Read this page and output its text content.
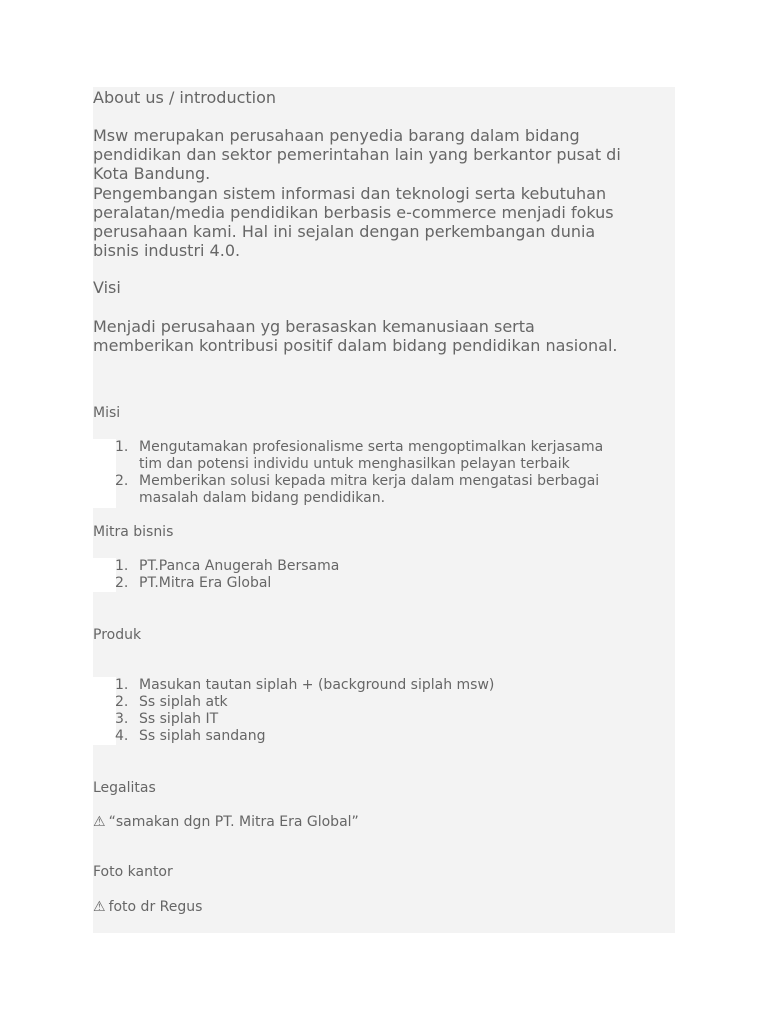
About us / introduction

Msw merupakan perusahaan penyedia barang dalam bidang
pendidikan dan sektor pemerintahan lain yang berkantor pusat di
Kota Bandung.
Pengembangan sistem informasi dan teknologi serta kebutuhan
peralatan/media pendidikan berbasis e-commerce menjadi fokus
perusahaan kami. Hal ini sejalan dengan perkembangan dunia
bisnis industri 4.0.

Visi

Menjadi perusahaan yg berasaskan kemanusiaan serta
memberikan kontribusi positif dalam bidang pendidikan nasional.

Misi

1. Mengutamakan profesionalisme serta mengoptimalkan kerjasama
tim dan potensi individu untuk menghasilkan pelayan terbaik
2. Memberikan solusi kepada mitra kerja dalam mengatasi berbagai
masalah dalam bidang pendidikan.

Mitra bisnis

1. PT.Panca Anugerah Bersama
2. PT.Mitra Era Global

Produk

1. Masukan tautan siplah + (background siplah msw)
2. Ss siplah atk
3. Ss siplah IT
4. Ss siplah sandang

Legalitas

⚠ “samakan dgn PT. Mitra Era Global”

Foto kantor

⚠ foto dr Regus
